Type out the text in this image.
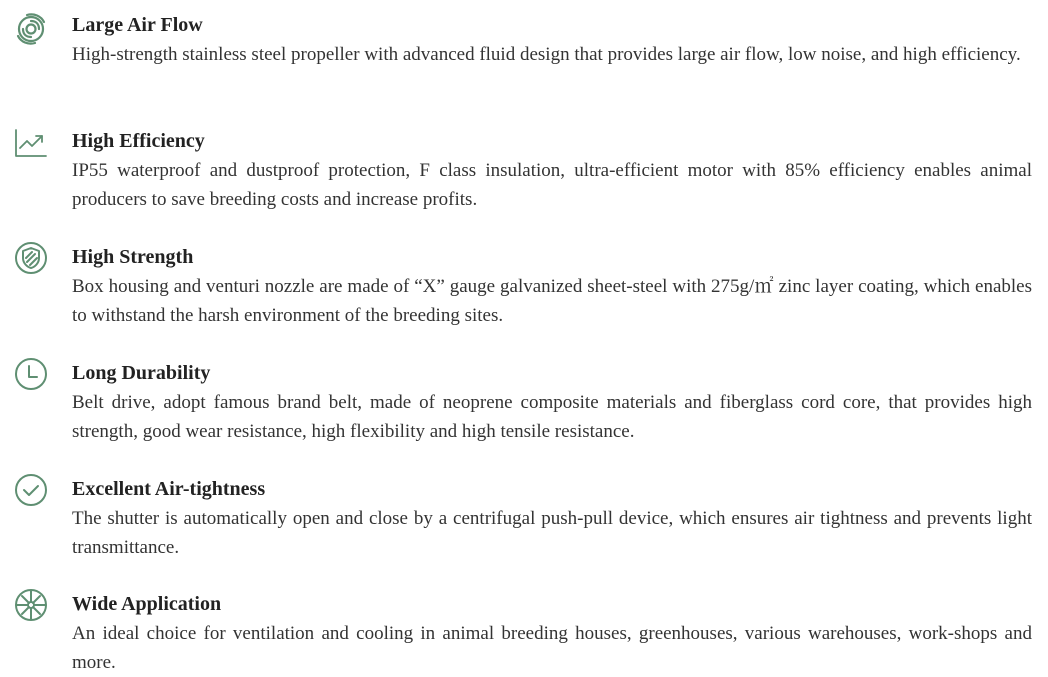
Large Air Flow

High-strength stainless steel propeller with advanced fluid design that provides large air flow, low noise, and high efficiency.

High Efficiency

IP55 waterproof and dustproof protection, F class insulation, ultra-efficient motor with 85% efficiency enables animal producers to save breeding costs and increase profits.

High Strength

Box housing and venturi nozzle are made of “X” gauge galvanized sheet-steel with 275g/㎡ zinc layer coating, which enables to withstand the harsh environment of the breeding sites.

Long Durability

Belt drive, adopt famous brand belt, made of neoprene composite materials and fiberglass cord core, that provides high strength, good wear resistance, high flexibility and high tensile resistance.

Excellent Air-tightness

The shutter is automatically open and close by a centrifugal push-pull device, which ensures air tightness and prevents light transmittance.

Wide Application

An ideal choice for ventilation and cooling in animal breeding houses, greenhouses, various warehouses, work-shops and more.
